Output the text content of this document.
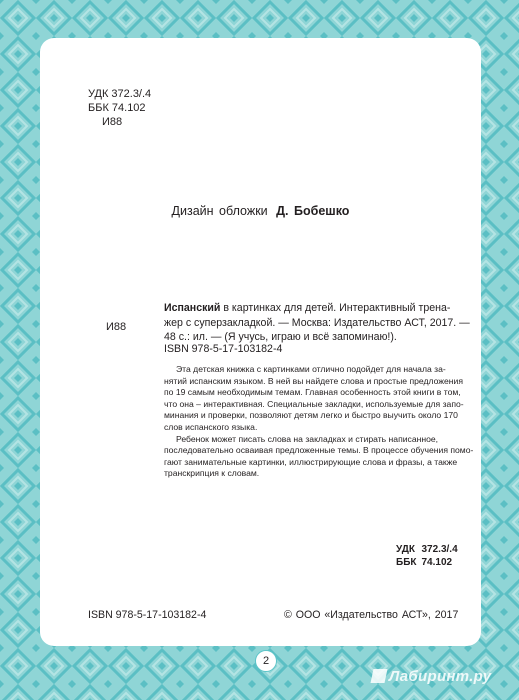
УДК 372.3/.4
ББК 74.102
И88
Дизайн обложки Д. Бобешко
И88
Испанский в картинках для детей. Интерактивный трена-
жер с суперзакладкой. — Москва: Издательство АСТ, 2017. —
48 с.: ил. — (Я учусь, играю и всё запоминаю!).
ISBN 978-5-17-103182-4
Эта детская книжка с картинками отлично подойдет для начала за-
нятий испанским языком. В ней вы найдете слова и простые предложения
по 19 самым необходимым темам. Главная особенность этой книги в том,
что она – интерактивная. Специальные закладки, используемые для запо-
минания и проверки, позволяют детям легко и быстро выучить около 170
слов испанского языка.
Ребенок может писать слова на закладках и стирать написанное,
последовательно осваивая предложенные темы. В процессе обучения помо-
гают занимательные картинки, иллюстрирующие слова и фразы, а также
транскрипция к словам.
УДК	372.3/.4
ББК	74.102
ISBN 978-5-17-103182-4	© ООО «Издательство АСТ», 2017
2
Лабиринт.ру
